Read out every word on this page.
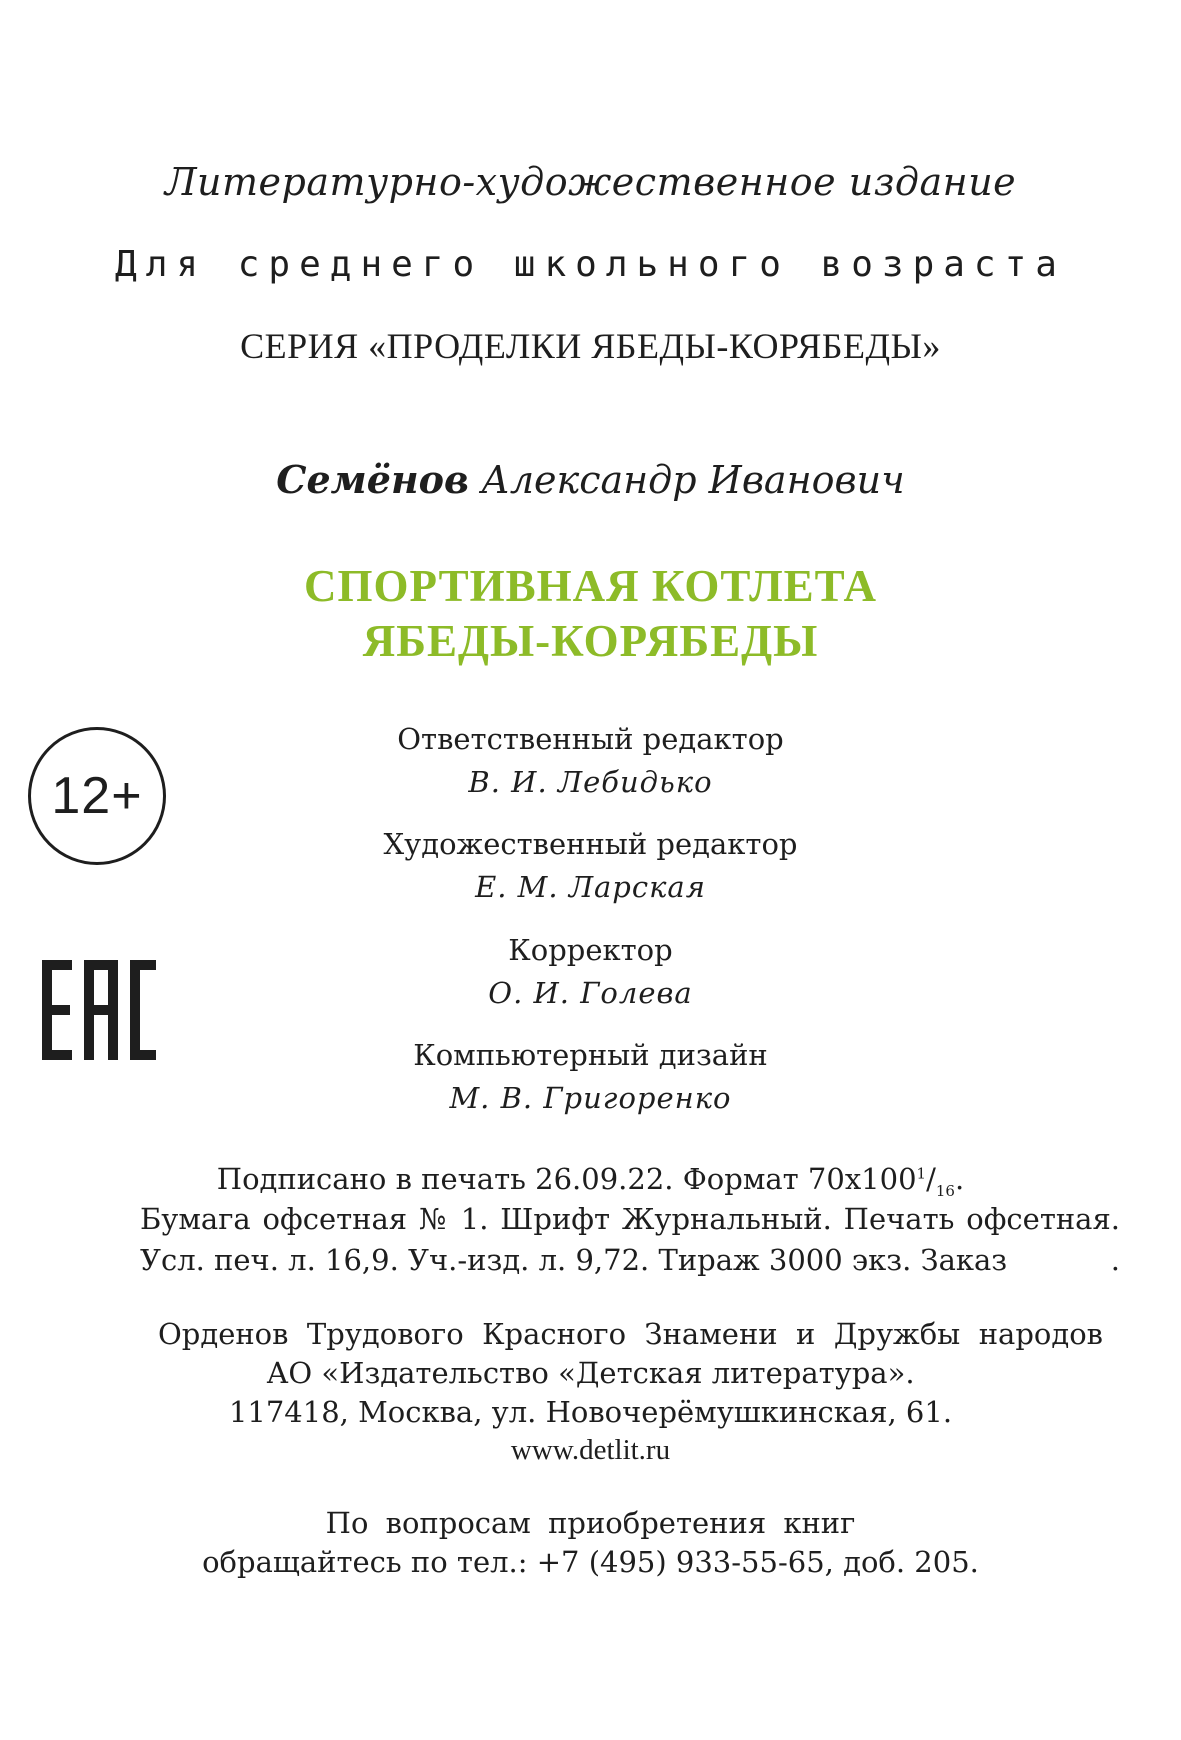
Литературно-художественное издание
Для среднего школьного возраста
СЕРИЯ «ПРОДЕЛКИ ЯБЕДЫ-КОРЯБЕДЫ»
Семёнов Александр Иванович
СПОРТИВНАЯ КОТЛЕТА
ЯБЕДЫ-КОРЯБЕДЫ
Ответственный редактор
В. И. Лебидько
Художественный редактор
Е. М. Ларская
Корректор
О. И. Голева
Компьютерный дизайн
М. В. Григоренко
Подписано в печать 26.09.22. Формат $70x100^1/_{16}$.
Бумага офсетная № 1. Шрифт Журнальный. Печать офсетная.
Усл. печ. л. 16,9. Уч.-изд. л. 9,72. Тираж 3000 экз. Заказ	.
Орденов Трудового Красного Знамени и Дружбы народов
АО «Издательство «Детская литература».
117418, Москва, ул. Новочерёмушкинская, 61.
www.detlit.ru
По вопросам приобретения книг
обращайтесь по тел.: +7 (495) 933-55-65, доб. 205.
12+
